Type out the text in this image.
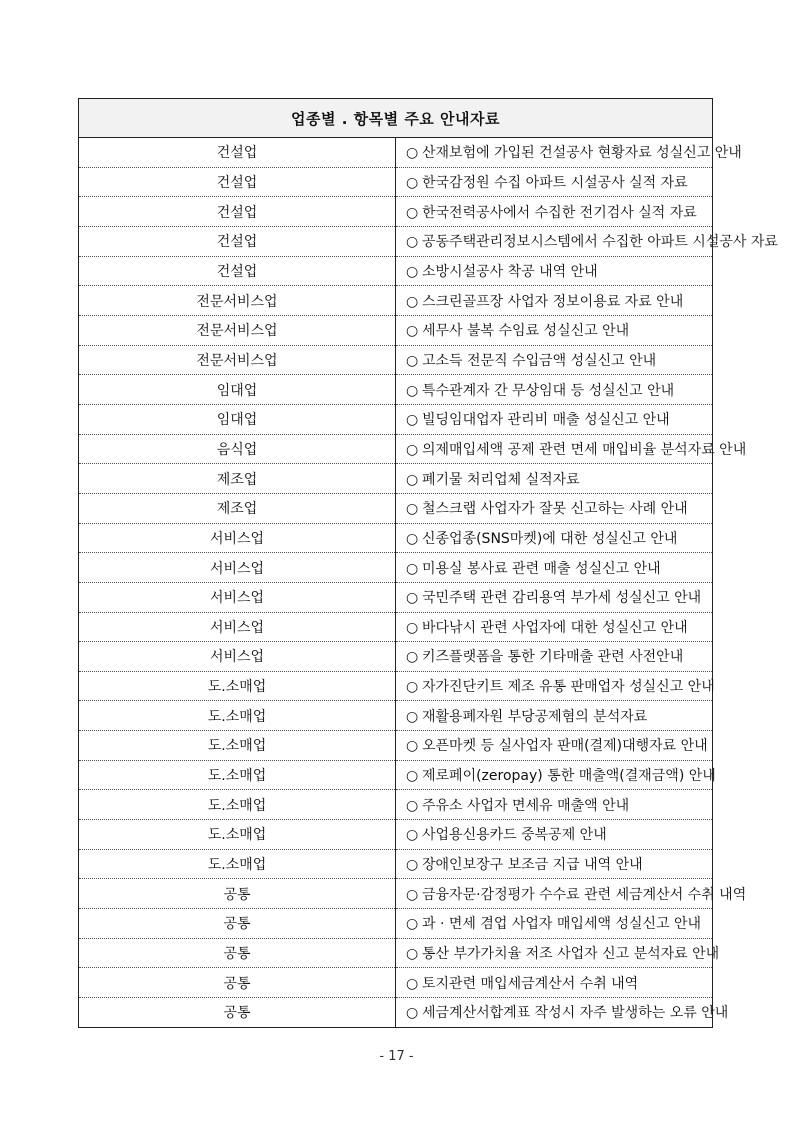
업종별 . 항목별 주요 안내자료	
건설업	○ 산재보험에 가입된 건설공사 현황자료 성실신고 안내
건설업	○ 한국감정원 수집 아파트 시설공사 실적 자료
건설업	○ 한국전력공사에서 수집한 전기검사 실적 자료
건설업	○ 공동주택관리정보시스템에서 수집한 아파트 시설공사 자료
건설업	○ 소방시설공사 착공 내역 안내
전문서비스업	○ 스크린골프장 사업자 정보이용료 자료 안내
전문서비스업	○ 세무사 불복 수임료 성실신고 안내
전문서비스업	○ 고소득 전문직 수입금액 성실신고 안내
임대업	○ 특수관계자 간 무상임대 등 성실신고 안내
임대업	○ 빌딩임대업자 관리비 매출 성실신고 안내
음식업	○ 의제매입세액 공제 관련 면세 매입비율 분석자료 안내
제조업	○ 폐기물 처리업체 실적자료
제조업	○ 철스크랩 사업자가 잘못 신고하는 사례 안내
서비스업	○ 신종업종(SNS마켓)에 대한 성실신고 안내
서비스업	○ 미용실 봉사료 관련 매출 성실신고 안내
서비스업	○ 국민주택 관련 감리용역 부가세 성실신고 안내
서비스업	○ 바다낚시 관련 사업자에 대한 성실신고 안내
서비스업	○ 키즈플랫폼을 통한 기타매출 관련 사전안내
도.소매업	○ 자가진단키트 제조 유통 판매업자 성실신고 안내
도.소매업	○ 재활용폐자원 부당공제혐의 분석자료
도.소매업	○ 오픈마켓 등 실사업자 판매(결제)대행자료 안내
도.소매업	○ 제로페이(zeropay) 통한 매출액(결재금액) 안내
도.소매업	○ 주유소 사업자 면세유 매출액 안내
도.소매업	○ 사업용신용카드 중복공제 안내
도.소매업	○ 장애인보장구 보조금 지급 내역 안내
공통	○ 금융자문·감정평가 수수료 관련 세금계산서 수취 내역
공통	○ 과 · 면세 겸업 사업자 매입세액 성실신고 안내
공통	○ 통산 부가가치율 저조 사업자 신고 분석자료 안내
공통	○ 토지관련 매입세금계산서 수취 내역
공통	○ 세금계산서합계표 작성시 자주 발생하는 오류 안내
- 17 -
